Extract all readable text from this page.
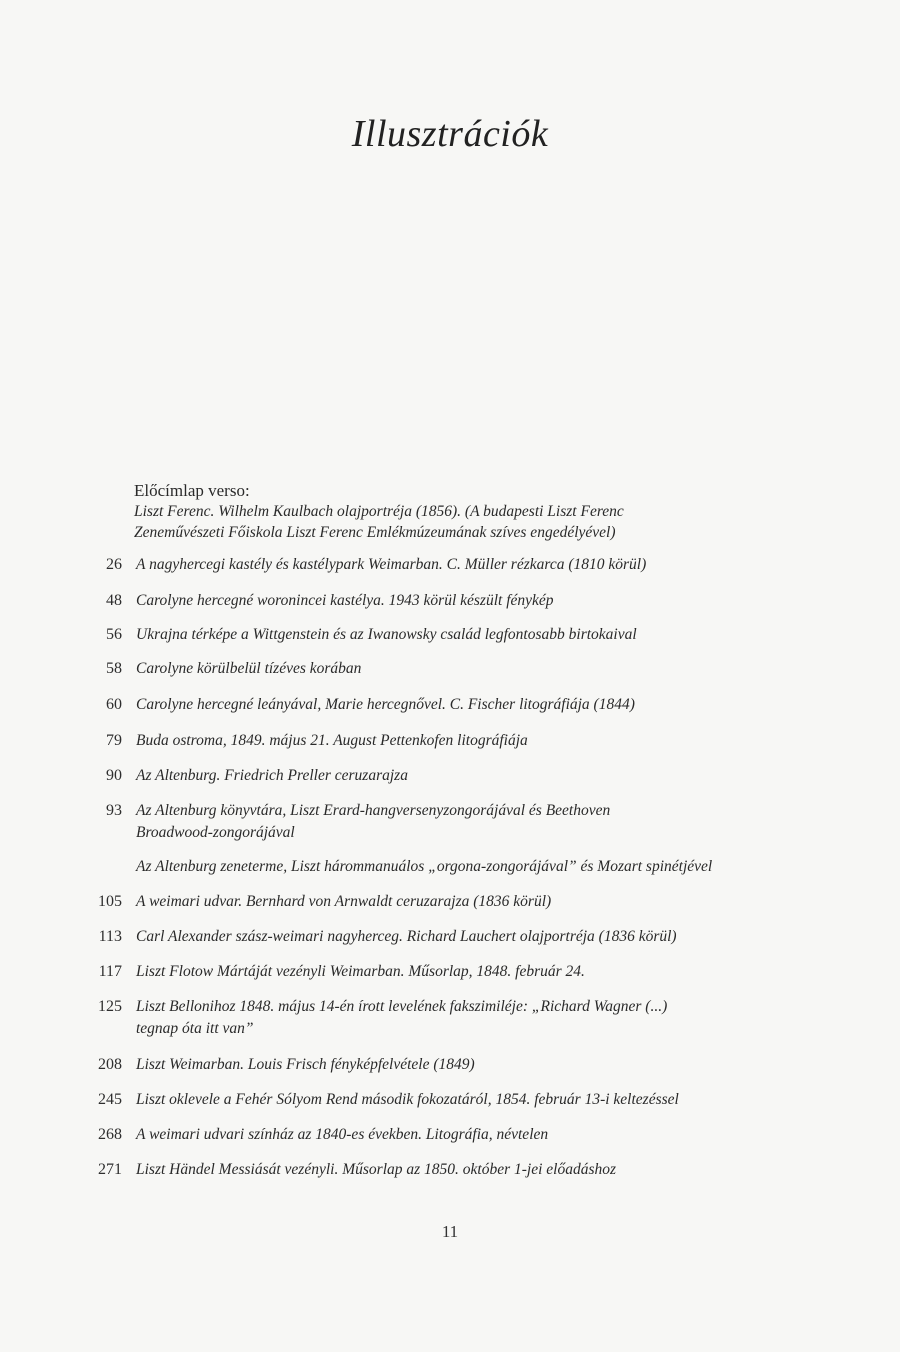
Illusztrációk
Előcímlap verso:
Liszt Ferenc. Wilhelm Kaulbach olajportréja (1856). (A budapesti Liszt Ferenc
Zeneművészeti Főiskola Liszt Ferenc Emlékmúzeumának szíves engedélyével)
26 A nagyhercegi kastély és kastélypark Weimarban. C. Müller rézkarca (1810 körül)
48 Carolyne hercegné woronincei kastélya. 1943 körül készült fénykép
56 Ukrajna térképe a Wittgenstein és az Iwanowsky család legfontosabb birtokaival
58 Carolyne körülbelül tízéves korában
60 Carolyne hercegné leányával, Marie hercegnővel. C. Fischer litográfiája (1844)
79 Buda ostroma, 1849. május 21. August Pettenkofen litográfiája
90 Az Altenburg. Friedrich Preller ceruzarajza
93 Az Altenburg könyvtára, Liszt Erard-hangversenyzongorájával és Beethoven
Broadwood-zongorájával
Az Altenburg zeneterme, Liszt hárommanuálos „orgona-zongorájával” és Mozart spinétjével
105 A weimari udvar. Bernhard von Arnwaldt ceruzarajza (1836 körül)
113 Carl Alexander szász-weimari nagyherceg. Richard Lauchert olajportréja (1836 körül)
117 Liszt Flotow Mártáját vezényli Weimarban. Műsorlap, 1848. február 24.
125 Liszt Bellonihoz 1848. május 14-én írott levelének fakszimiléje: „Richard Wagner (...)
tegnap óta itt van”
208 Liszt Weimarban. Louis Frisch fényképfelvétele (1849)
245 Liszt oklevele a Fehér Sólyom Rend második fokozatáról, 1854. február 13-i keltezéssel
268 A weimari udvari színház az 1840-es években. Litográfia, névtelen
271 Liszt Händel Messiását vezényli. Műsorlap az 1850. október 1-jei előadáshoz
11
